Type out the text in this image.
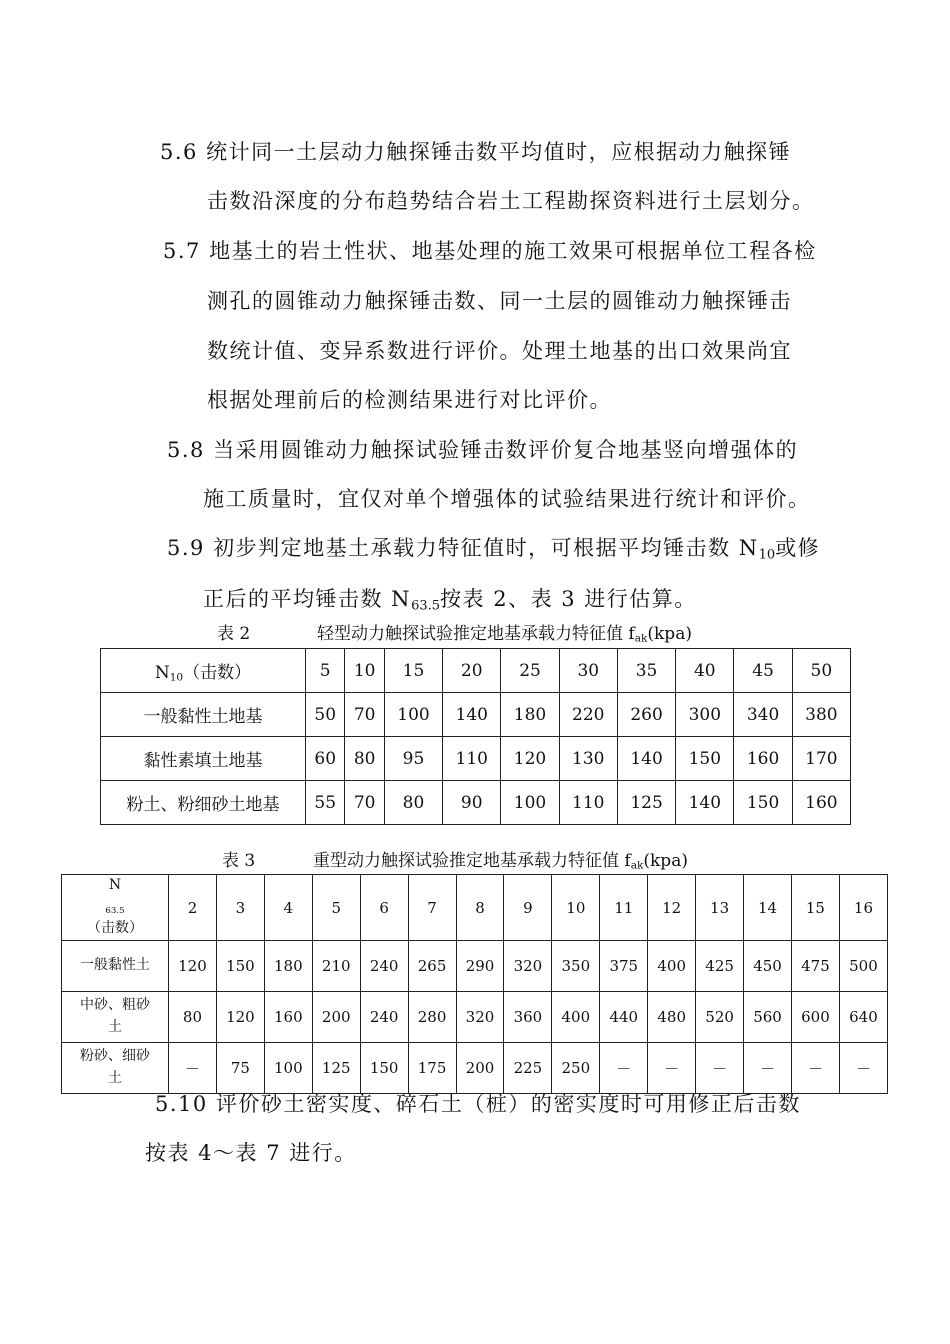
5.6 统计同一土层动力触探锤击数平均值时，应根据动力触探锤
击数沿深度的分布趋势结合岩土工程勘探资料进行土层划分。
5.7 地基土的岩土性状、地基处理的施工效果可根据单位工程各检
测孔的圆锥动力触探锤击数、同一土层的圆锥动力触探锤击
数统计值、变异系数进行评价。处理土地基的出口效果尚宜
根据处理前后的检测结果进行对比评价。
5.8 当采用圆锥动力触探试验锤击数评价复合地基竖向增强体的
施工质量时，宜仅对单个增强体的试验结果进行统计和评价。
5.9 初步判定地基土承载力特征值时，可根据平均锤击数 $N_{10}$或修
正后的平均锤击数 $N_{63.5}$按表 2、表 3 进行估算。
表 2	轻型动力触探试验推定地基承载力特征值 $f_{ak}(kpa)$
$N_{10}$（击数）	5	10	15	20	25	30	35	40	45	50
一般黏性土地基	50	70	100	140	180	220	260	300	340	380
黏性素填土地基	60	80	95	110	120	130	140	150	160	170
粉土、粉细砂土地基	55	70	80	90	100	110	125	140	150	160
表 3	重型动力触探试验推定地基承载力特征值 $f_{ak}(kpa)$
N
$_{63.5}$
（击数）	2	3	4	5	6	7	8	9	10	11	12	13	14	15	16

一般黏性土	120	150	180	210	240	265	290	320	350	375	400	425	450	475	500

中砂、粗砂土	80	120	160	200	240	280	320	360	400	440	480	520	560	600	640

粉砂、细砂土	－	75	100	125	150	175	200	225	250	－	－	－	－	－	－
5.10 评价砂土密实度、碎石土（桩）的密实度时可用修正后击数
按表 4～表 7 进行。
